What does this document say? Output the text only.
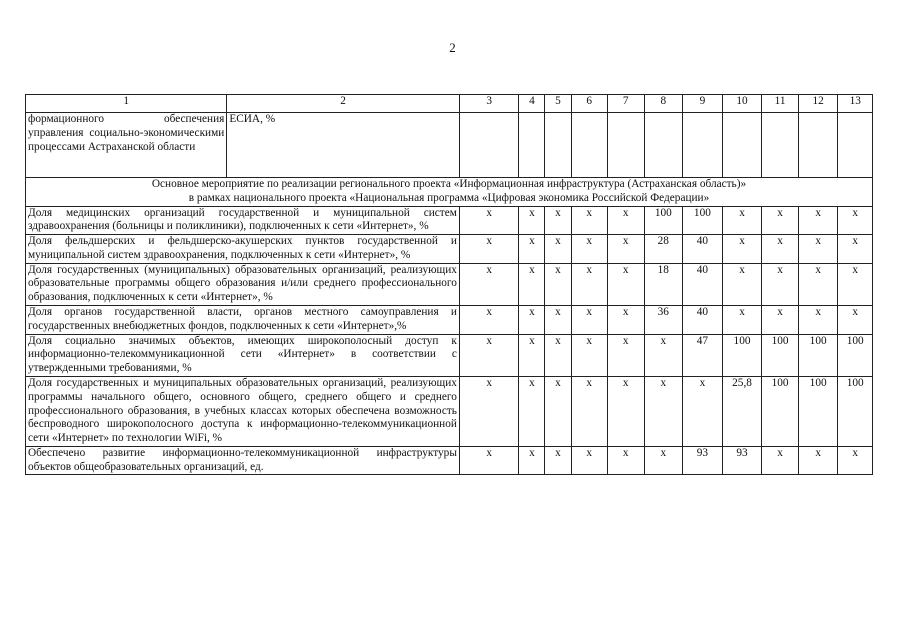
2
1	2	3	4	5	6	7	8	9	10	11	12	13
формационного обеспечения управления социально-экономическими процессами Астраханской области	ЕСИА, %											

Основное мероприятие по реализации регионального проекта «Информационная инфраструктура (Астраханская область)»
в рамках национального проекта «Национальная программа «Цифровая экономика Российской Федерации»												

Доля медицинских организаций государственной и муниципальной систем здравоохранения (больницы и поликлиники), подключенных к сети «Интернет», %		x	x	x	x	x	100	100	x	x	x	x
Доля фельдшерских и фельдшерско-акушерских пунктов государственной и муниципальной систем здравоохранения, подключенных к сети «Интернет», %		x	x	x	x	x	28	40	x	x	x	x
Доля государственных (муниципальных) образовательных организаций, реализующих образовательные программы общего образования и/или среднего профессионального образования, подключенных к сети «Интернет», %		x	x	x	x	x	18	40	x	x	x	x
Доля органов государственной власти, органов местного самоуправления и государственных внебюджетных фондов, подключенных к сети «Интернет»,%		x	x	x	x	x	36	40	x	x	x	x
Доля социально значимых объектов, имеющих широкополосный доступ к информационно-телекоммуникационной сети «Интернет» в соответствии с утвержденными требованиями, %		x	x	x	x	x	x	47	100	100	100	100
Доля государственных и муниципальных образовательных организаций, реализующих программы начального общего, основного общего, среднего общего и среднего профессионального образования, в учебных классах которых обеспечена возможность беспроводного широкополосного доступа к информационно-телекоммуникационной сети «Интернет» по технологии WiFi, %		x	x	x	x	x	x	x	25,8	100	100	100
Обеспечено развитие информационно-телекоммуникационной инфраструктуры объектов общеобразовательных организаций, ед.		x	x	x	x	x	x	93	93	x	x	x
